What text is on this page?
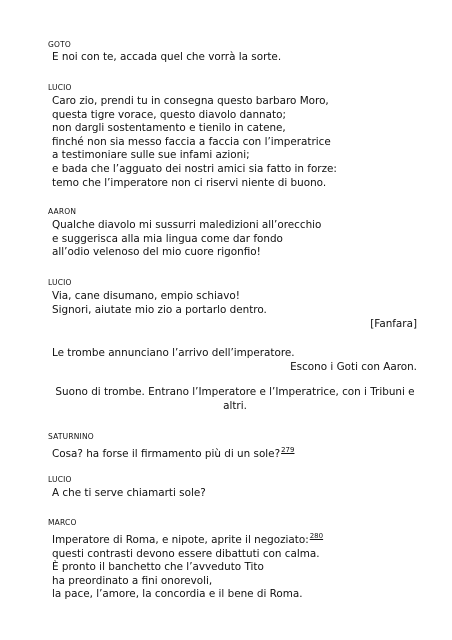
GOTO
E noi con te, accada quel che vorrà la sorte.
LUCIO
Caro zio, prendi tu in consegna questo barbaro Moro,
questa tigre vorace, questo diavolo dannato;
non dargli sostentamento e tienilo in catene,
finché non sia messo faccia a faccia con l’imperatrice
a testimoniare sulle sue infami azioni;
e bada che l’agguato dei nostri amici sia fatto in forze:
temo che l’imperatore non ci riservi niente di buono.
AARON
Qualche diavolo mi sussurri maledizioni all’orecchio
e suggerisca alla mia lingua come dar fondo
all’odio velenoso del mio cuore rigonfio!
LUCIO
Via, cane disumano, empio schiavo!
Signori, aiutate mio zio a portarlo dentro.
[Fanfara]
Le trombe annunciano l’arrivo dell’imperatore.
Escono i Goti con Aaron.
Suono di trombe. Entrano l’Imperatore e l’Imperatrice, con i Tribuni e altri.
SATURNINO
Cosa? ha forse il firmamento più di un sole?$^{279}$
LUCIO
A che ti serve chiamarti sole?
MARCO
Imperatore di Roma, e nipote, aprite il negoziato:$^{280}$
questi contrasti devono essere dibattuti con calma.
È pronto il banchetto che l’avveduto Tito
ha preordinato a fini onorevoli,
la pace, l’amore, la concordia e il bene di Roma.
